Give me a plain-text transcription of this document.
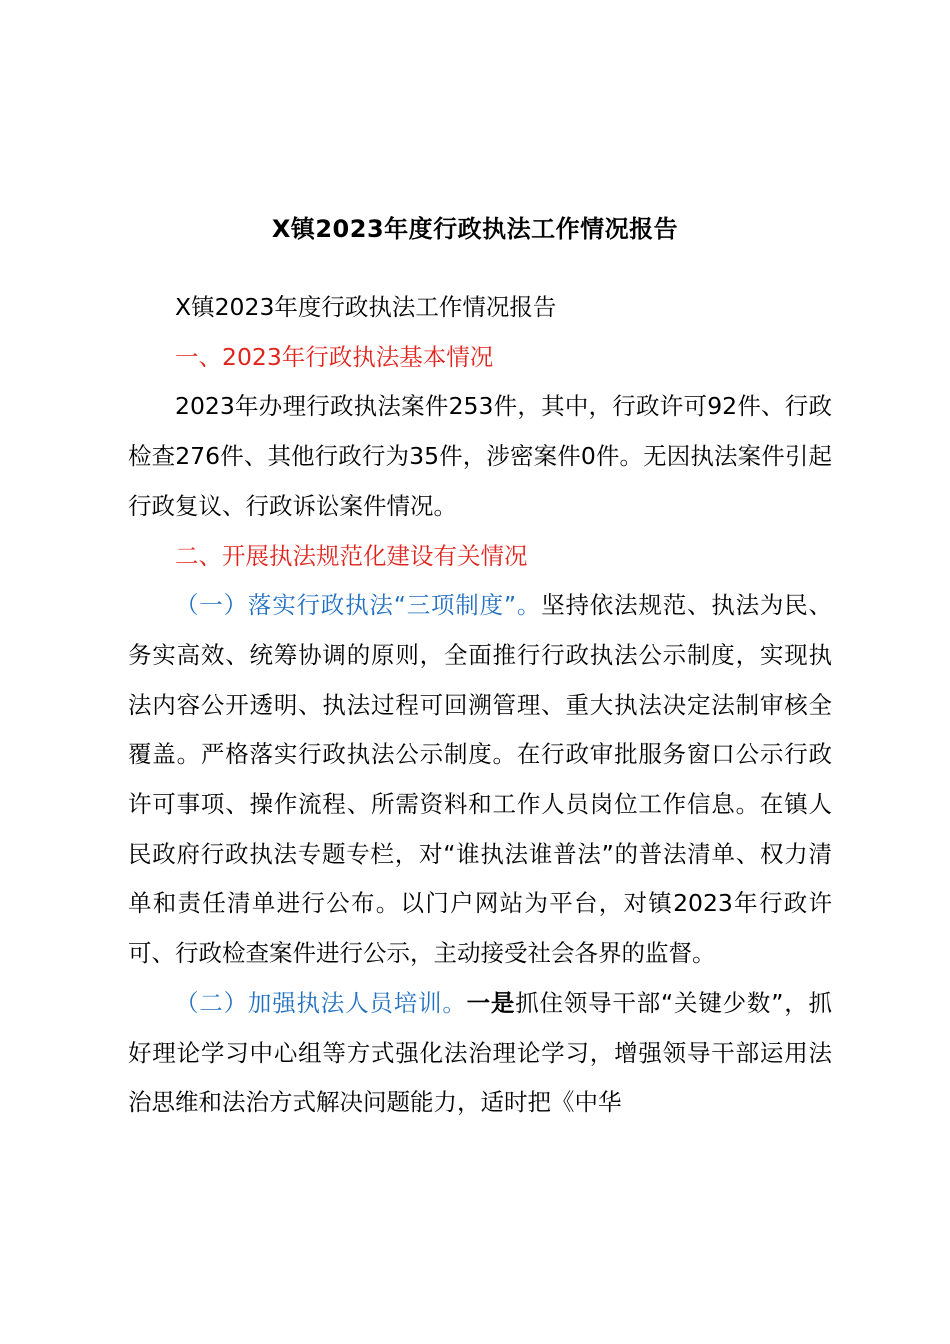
X镇2023年度行政执法工作情况报告

X镇2023年度行政执法工作情况报告

一、2023年行政执法基本情况

2023年办理行政执法案件253件，其中，行政许可92件、行政检查276件、其他行政行为35件，涉密案件0件。无因执法案件引起行政复议、行政诉讼案件情况。

二、开展执法规范化建设有关情况

（一）落实行政执法“三项制度”。坚持依法规范、执法为民、务实高效、统筹协调的原则，全面推行行政执法公示制度，实现执法内容公开透明、执法过程可回溯管理、重大执法决定法制审核全覆盖。严格落实行政执法公示制度。在行政审批服务窗口公示行政许可事项、操作流程、所需资料和工作人员岗位工作信息。在镇人民政府行政执法专题专栏，对“谁执法谁普法”的普法清单、权力清单和责任清单进行公布。以门户网站为平台，对镇2023年行政许可、行政检查案件进行公示，主动接受社会各界的监督。

（二）加强执法人员培训。一是抓住领导干部“关键少数”，抓好理论学习中心组等方式强化法治理论学习，增强领导干部运用法治思维和法治方式解决问题能力，适时把《中华
